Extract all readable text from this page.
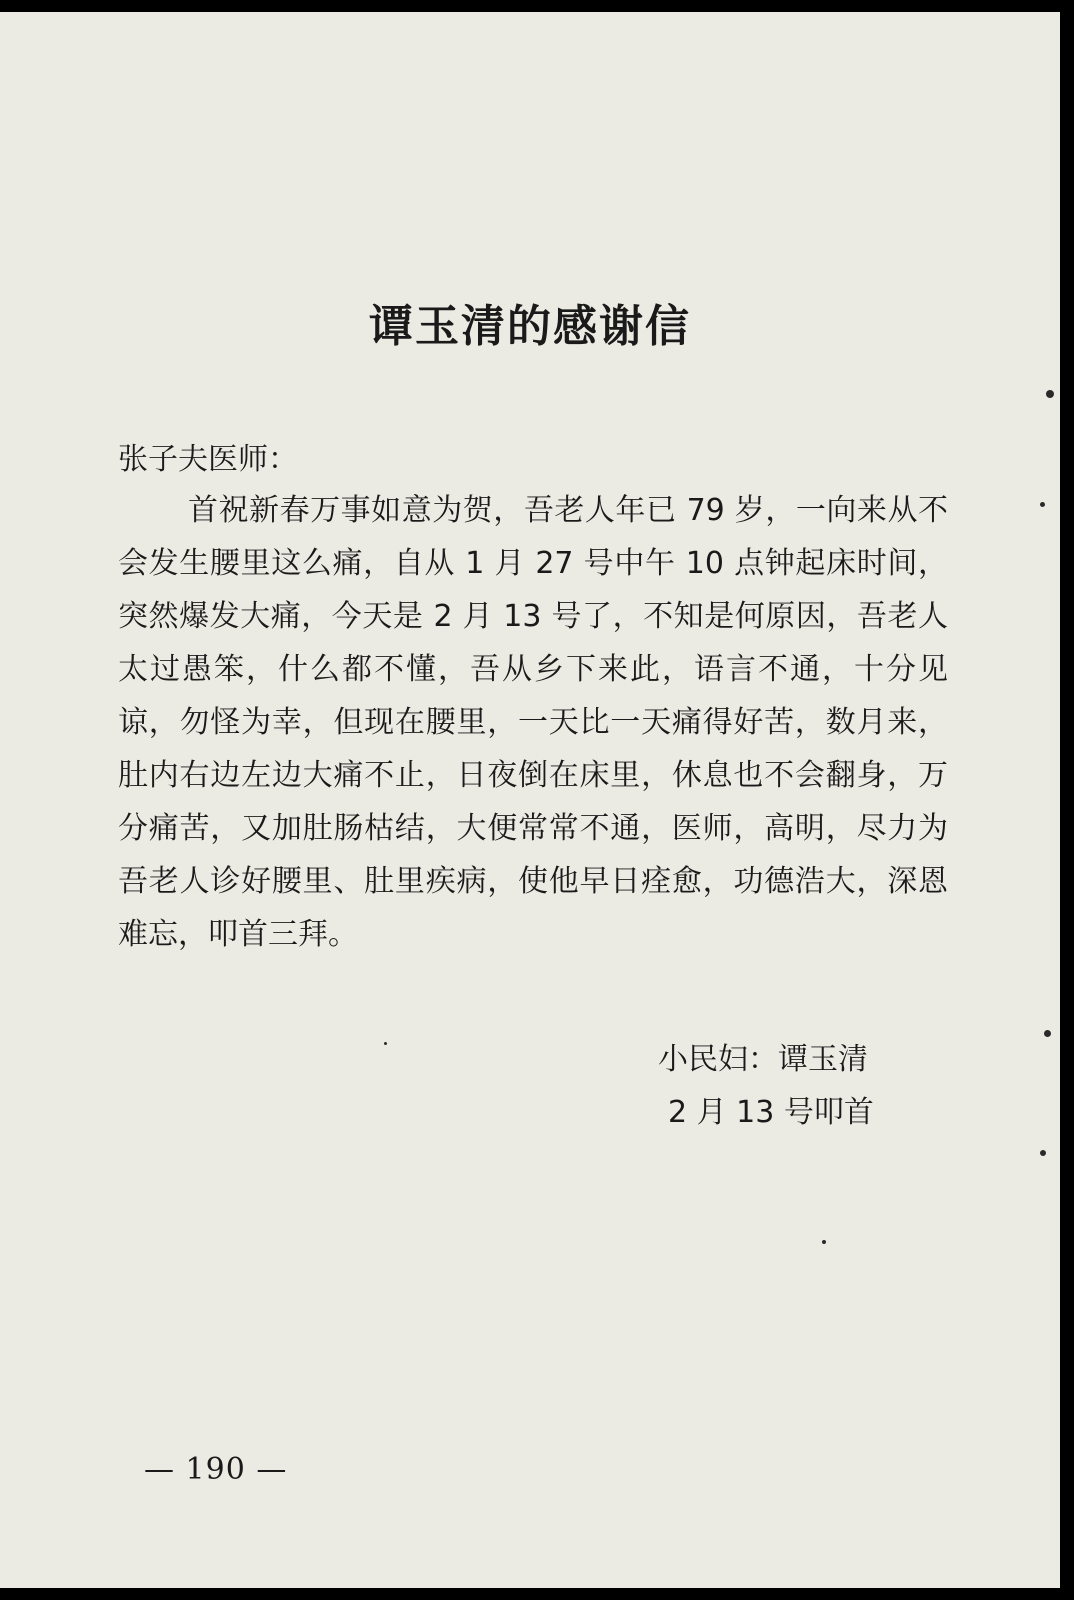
谭玉清的感谢信
张子夫医师：
首祝新春万事如意为贺，吾老人年已 79 岁，一向来从不会发生腰里这么痛，自从 1 月 27 号中午 10 点钟起床时间，突然爆发大痛，今天是 2 月 13 号了，不知是何原因，吾老人太过愚笨，什么都不懂，吾从乡下来此，语言不通，十分见谅，勿怪为幸，但现在腰里，一天比一天痛得好苦，数月来，肚内右边左边大痛不止，日夜倒在床里，休息也不会翻身，万分痛苦，又加肚肠枯结，大便常常不通，医师，高明，尽力为吾老人诊好腰里、肚里疾病，使他早日痊愈，功德浩大，深恩难忘，叩首三拜。
小民妇：谭玉清
2 月 13 号叩首
— 190 —
